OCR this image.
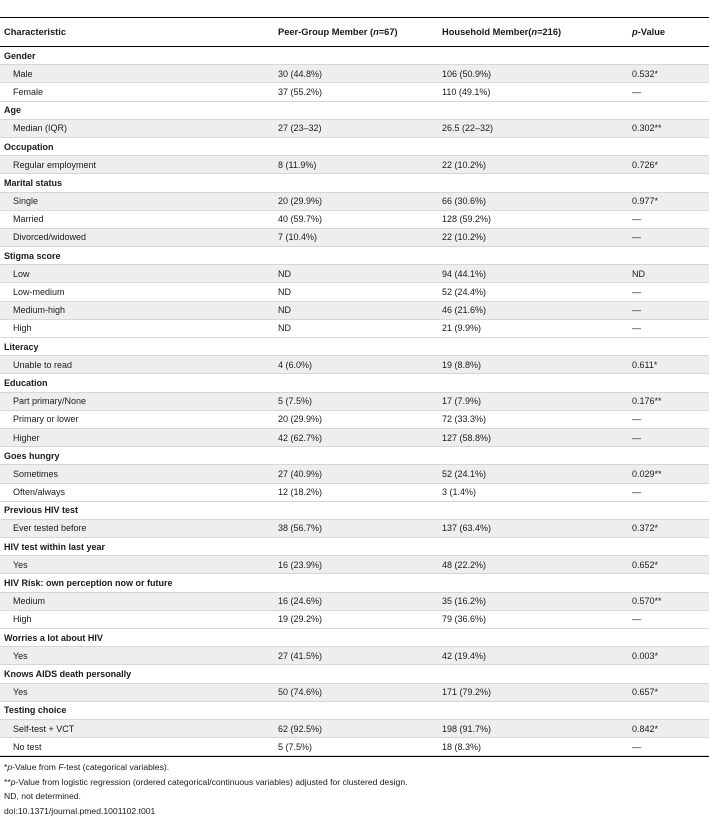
Characteristic	Peer-Group Member (n=67)	Household Member(n=216)	p-Value
Gender
Male	30 (44.8%)	106 (50.9%)	0.532*
Female	37 (55.2%)	110 (49.1%)	—
Age
Median (IQR)	27 (23–32)	26.5 (22–32)	0.302**
Occupation
Regular employment	8 (11.9%)	22 (10.2%)	0.726*
Marital status
Single	20 (29.9%)	66 (30.6%)	0.977*
Married	40 (59.7%)	128 (59.2%)	—
Divorced/widowed	7 (10.4%)	22 (10.2%)	—
Stigma score
Low	ND	94 (44.1%)	ND
Low-medium	ND	52 (24.4%)	—
Medium-high	ND	46 (21.6%)	—
High	ND	21 (9.9%)	—
Literacy
Unable to read	4 (6.0%)	19 (8.8%)	0.611*
Education
Part primary/None	5 (7.5%)	17 (7.9%)	0.176**
Primary or lower	20 (29.9%)	72 (33.3%)	—
Higher	42 (62.7%)	127 (58.8%)	—
Goes hungry
Sometimes	27 (40.9%)	52 (24.1%)	0.029**
Often/always	12 (18.2%)	3 (1.4%)	—
Previous HIV test
Ever tested before	38 (56.7%)	137 (63.4%)	0.372*
HIV test within last year
Yes	16 (23.9%)	48 (22.2%)	0.652*
HIV Risk: own perception now or future
Medium	16 (24.6%)	35 (16.2%)	0.570**
High	19 (29.2%)	79 (36.6%)	—
Worries a lot about HIV
Yes	27 (41.5%)	42 (19.4%)	0.003*
Knows AIDS death personally
Yes	50 (74.6%)	171 (79.2%)	0.657*
Testing choice
Self-test + VCT	62 (92.5%)	198 (91.7%)	0.842*
No test	5 (7.5%)	18 (8.3%)	—
*p-Value from F-test (categorical variables).
**p-Value from logistic regression (ordered categorical/continuous variables) adjusted for clustered design.
ND, not determined.
doi:10.1371/journal.pmed.1001102.t001
